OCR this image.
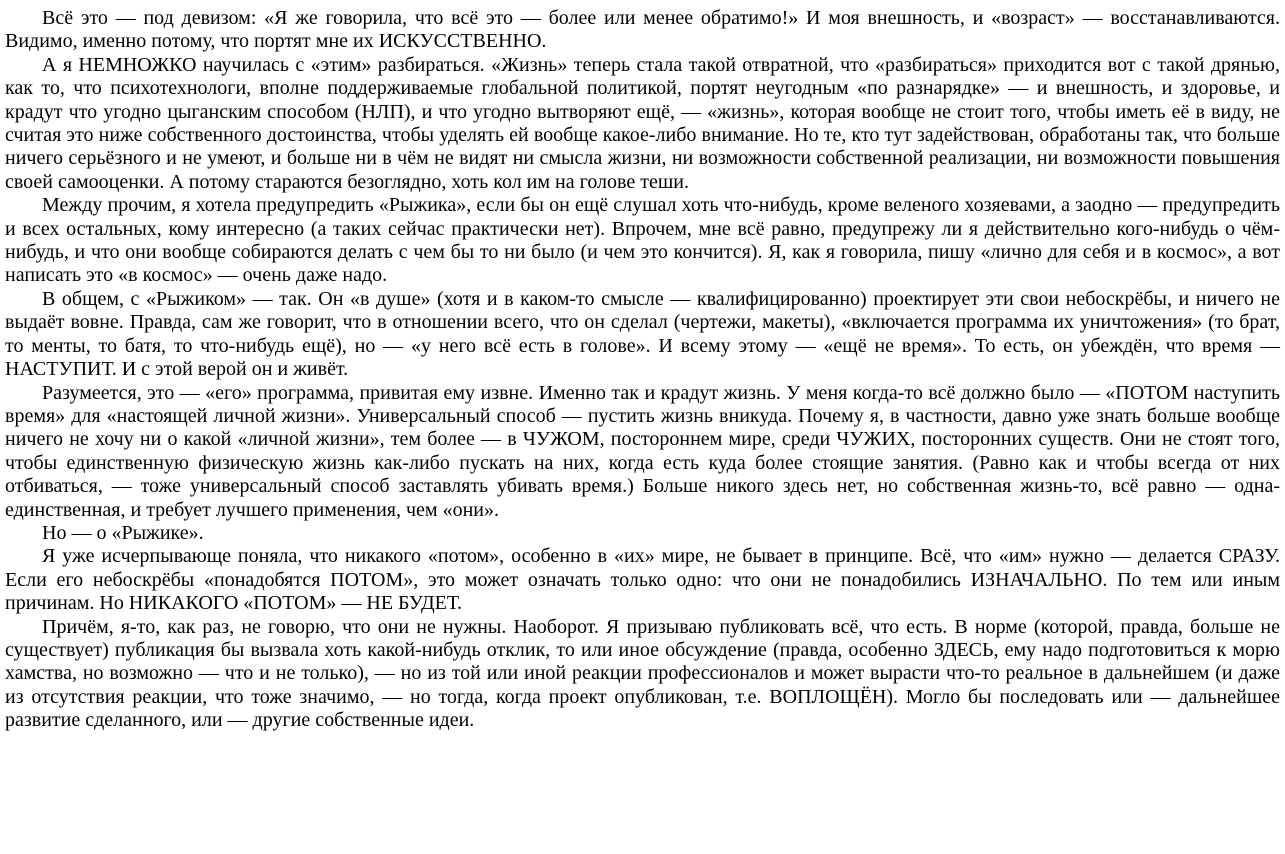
Всё это — под девизом: «Я же говорила, что всё это — более или менее обратимо!» И моя внешность, и «возраст» — восстанавливаются. Видимо, именно потому, что портят мне их ИСКУССТВЕННО.

А я НЕМНОЖКО научилась с «этим» разбираться. «Жизнь» теперь стала такой отвратной, что «разбираться» приходится вот с такой дрянью, как то, что психотехнологи, вполне поддерживаемые глобальной политикой, портят неугодным «по разнарядке» — и внешность, и здоровье, и крадут что угодно цыганским способом (НЛП), и что угодно вытворяют ещё, — «жизнь», которая вообще не стоит того, чтобы иметь её в виду, не считая это ниже собственного достоинства, чтобы уделять ей вообще какое-либо внимание. Но те, кто тут задействован, обработаны так, что больше ничего серьёзного и не умеют, и больше ни в чём не видят ни смысла жизни, ни возможности собственной реализации, ни возможности повышения своей самооценки. А потому стараются безоглядно, хоть кол им на голове теши.

Между прочим, я хотела предупредить «Рыжика», если бы он ещё слушал хоть что-нибудь, кроме веленого хозяевами, а заодно — предупредить и всех остальных, кому интересно (а таких сейчас практически нет). Впрочем, мне всё равно, предупрежу ли я действительно кого-нибудь о чём-нибудь, и что они вообще собираются делать с чем бы то ни было (и чем это кончится). Я, как я говорила, пишу «лично для себя и в космос», а вот написать это «в космос» — очень даже надо.

В общем, с «Рыжиком» — так. Он «в душе» (хотя и в каком-то смысле — квалифицированно) проектирует эти свои небоскрёбы, и ничего не выдаёт вовне. Правда, сам же говорит, что в отношении всего, что он сделал (чертежи, макеты), «включается программа их уничтожения» (то брат, то менты, то батя, то что-нибудь ещё), но — «у него всё есть в голове». И всему этому — «ещё не время». То есть, он убеждён, что время — НАСТУПИТ. И с этой верой он и живёт.

Разумеется, это — «его» программа, привитая ему извне. Именно так и крадут жизнь. У меня когда-то всё должно было — «ПОТОМ наступить время» для «настоящей личной жизни». Универсальный способ — пустить жизнь вникуда. Почему я, в частности, давно уже знать больше вообще ничего не хочу ни о какой «личной жизни», тем более — в ЧУЖОМ, постороннем мире, среди ЧУЖИХ, посторонних существ. Они не стоят того, чтобы единственную физическую жизнь как-либо пускать на них, когда есть куда более стоящие занятия. (Равно как и чтобы всегда от них отбиваться, — тоже универсальный способ заставлять убивать время.) Больше никого здесь нет, но собственная жизнь-то, всё равно — одна-единственная, и требует лучшего применения, чем «они».

Но — о «Рыжике».

Я уже исчерпывающе поняла, что никакого «потом», особенно в «их» мире, не бывает в принципе. Всё, что «им» нужно — делается СРАЗУ. Если его небоскрёбы «понадобятся ПОТОМ», это может означать только одно: что они не понадобились ИЗНАЧАЛЬНО. По тем или иным причинам. Но НИКАКОГО «ПОТОМ» — НЕ БУДЕТ.

Причём, я-то, как раз, не говорю, что они не нужны. Наоборот. Я призываю публиковать всё, что есть. В норме (которой, правда, больше не существует) публикация бы вызвала хоть какой-нибудь отклик, то или иное обсуждение (правда, особенно ЗДЕСЬ, ему надо подготовиться к морю хамства, но возможно — что и не только), — но из той или иной реакции профессионалов и может вырасти что-то реальное в дальнейшем (и даже из отсутствия реакции, что тоже значимо, — но тогда, когда проект опубликован, т.е. ВОПЛОЩЁН). Могло бы последовать или — дальнейшее развитие сделанного, или — другие собственные идеи.
